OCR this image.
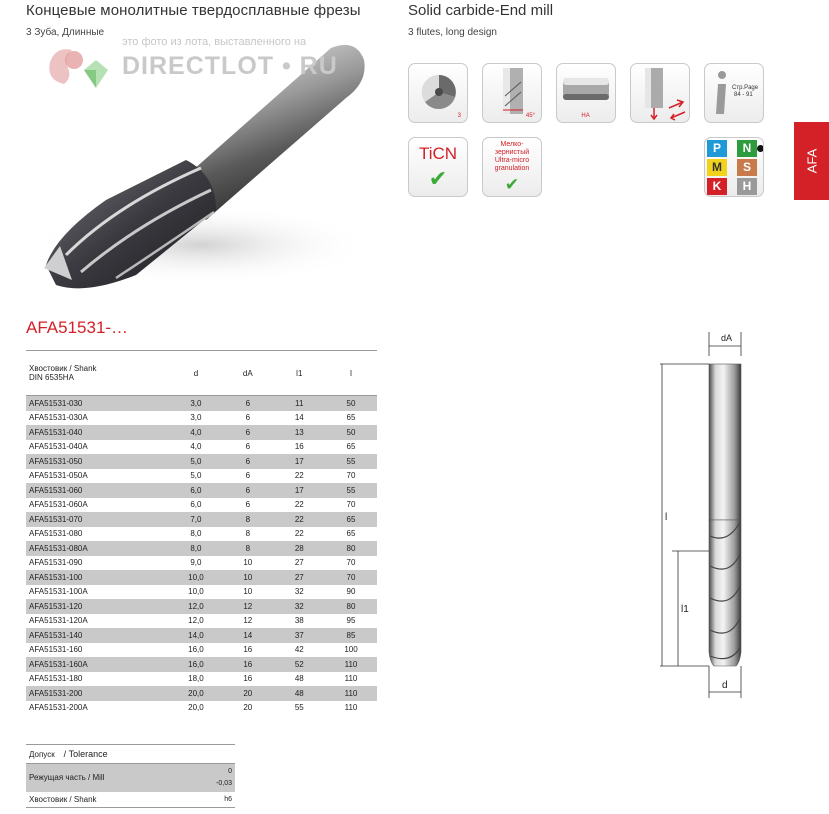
Концевые монолитные твердосплавные фрезы
3 Зуба, Длинные
Solid carbide-End mill
3 flutes, long design
это фото из лота, выставленного на
DIRECTLOT • RU
3	45°	HA
Стр.Page
84 - 91
TiCN
✔
Мелко-
зернистый
Ultra-micro
granulation
✔
P	N
M	S
K	H
AFA
AFA51531-…
Хвостовик / Shank
DIN 6535HA	d	dA	l1	l
AFA51531-030	3,0	6	11	50
AFA51531-030A	3,0	6	14	65
AFA51531-040	4,0	6	13	50
AFA51531-040A	4,0	6	16	65
AFA51531-050	5,0	6	17	55
AFA51531-050A	5,0	6	22	70
AFA51531-060	6,0	6	17	55
AFA51531-060A	6,0	6	22	70
AFA51531-070	7,0	8	22	65
AFA51531-080	8,0	8	22	65
AFA51531-080A	8,0	8	28	80
AFA51531-090	9,0	10	27	70
AFA51531-100	10,0	10	27	70
AFA51531-100A	10,0	10	32	90
AFA51531-120	12,0	12	32	80
AFA51531-120A	12,0	12	38	95
AFA51531-140	14,0	14	37	85
AFA51531-160	16,0	16	42	100
AFA51531-160A	16,0	16	52	110
AFA51531-180	18,0	16	48	110
AFA51531-200	20,0	20	48	110
AFA51531-200A	20,0	20	55	110
Допуск / Tolerance	
Режущая часть / Mill	0
-0,03

Хвостовик / Shank	h6
dA
l
l1
d
